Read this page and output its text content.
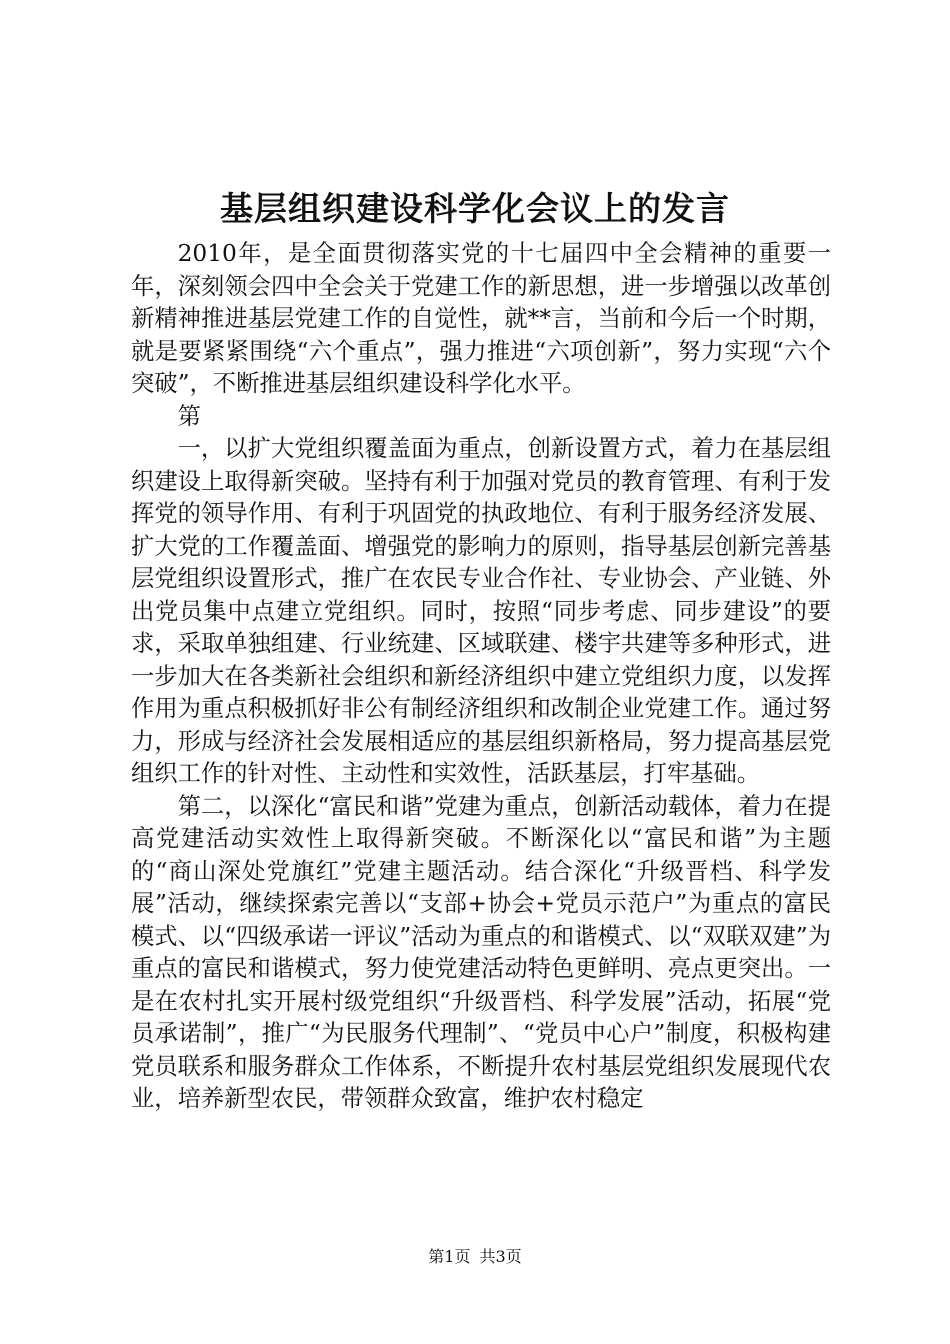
基层组织建设科学化会议上的发言

2010年，是全面贯彻落实党的十七届四中全会精神的重要一年，深刻领会四中全会关于党建工作的新思想，进一步增强以改革创新精神推进基层党建工作的自觉性，就**言，当前和今后一个时期，就是要紧紧围绕“六个重点”，强力推进“六项创新”，努力实现“六个突破”，不断推进基层组织建设科学化水平。

第

一，以扩大党组织覆盖面为重点，创新设置方式，着力在基层组织建设上取得新突破。坚持有利于加强对党员的教育管理、有利于发挥党的领导作用、有利于巩固党的执政地位、有利于服务经济发展、扩大党的工作覆盖面、增强党的影响力的原则，指导基层创新完善基层党组织设置形式，推广在农民专业合作社、专业协会、产业链、外出党员集中点建立党组织。同时，按照“同步考虑、同步建设”的要求，采取单独组建、行业统建、区域联建、楼宇共建等多种形式，进一步加大在各类新社会组织和新经济组织中建立党组织力度，以发挥作用为重点积极抓好非公有制经济组织和改制企业党建工作。通过努力，形成与经济社会发展相适应的基层组织新格局，努力提高基层党组织工作的针对性、主动性和实效性，活跃基层，打牢基础。

第二，以深化“富民和谐”党建为重点，创新活动载体，着力在提高党建活动实效性上取得新突破。不断深化以“富民和谐”为主题的“商山深处党旗红”党建主题活动。结合深化“升级晋档、科学发展”活动，继续探索完善以“支部+协会+党员示范户”为重点的富民模式、以“四级承诺一评议”活动为重点的和谐模式、以“双联双建”为重点的富民和谐模式，努力使党建活动特色更鲜明、亮点更突出。一是在农村扎实开展村级党组织“升级晋档、科学发展”活动，拓展“党员承诺制”，推广“为民服务代理制”、“党员中心户”制度，积极构建党员联系和服务群众工作体系，不断提升农村基层党组织发展现代农业，培养新型农民，带领群众致富，维护农村稳定

第1页 共3页
